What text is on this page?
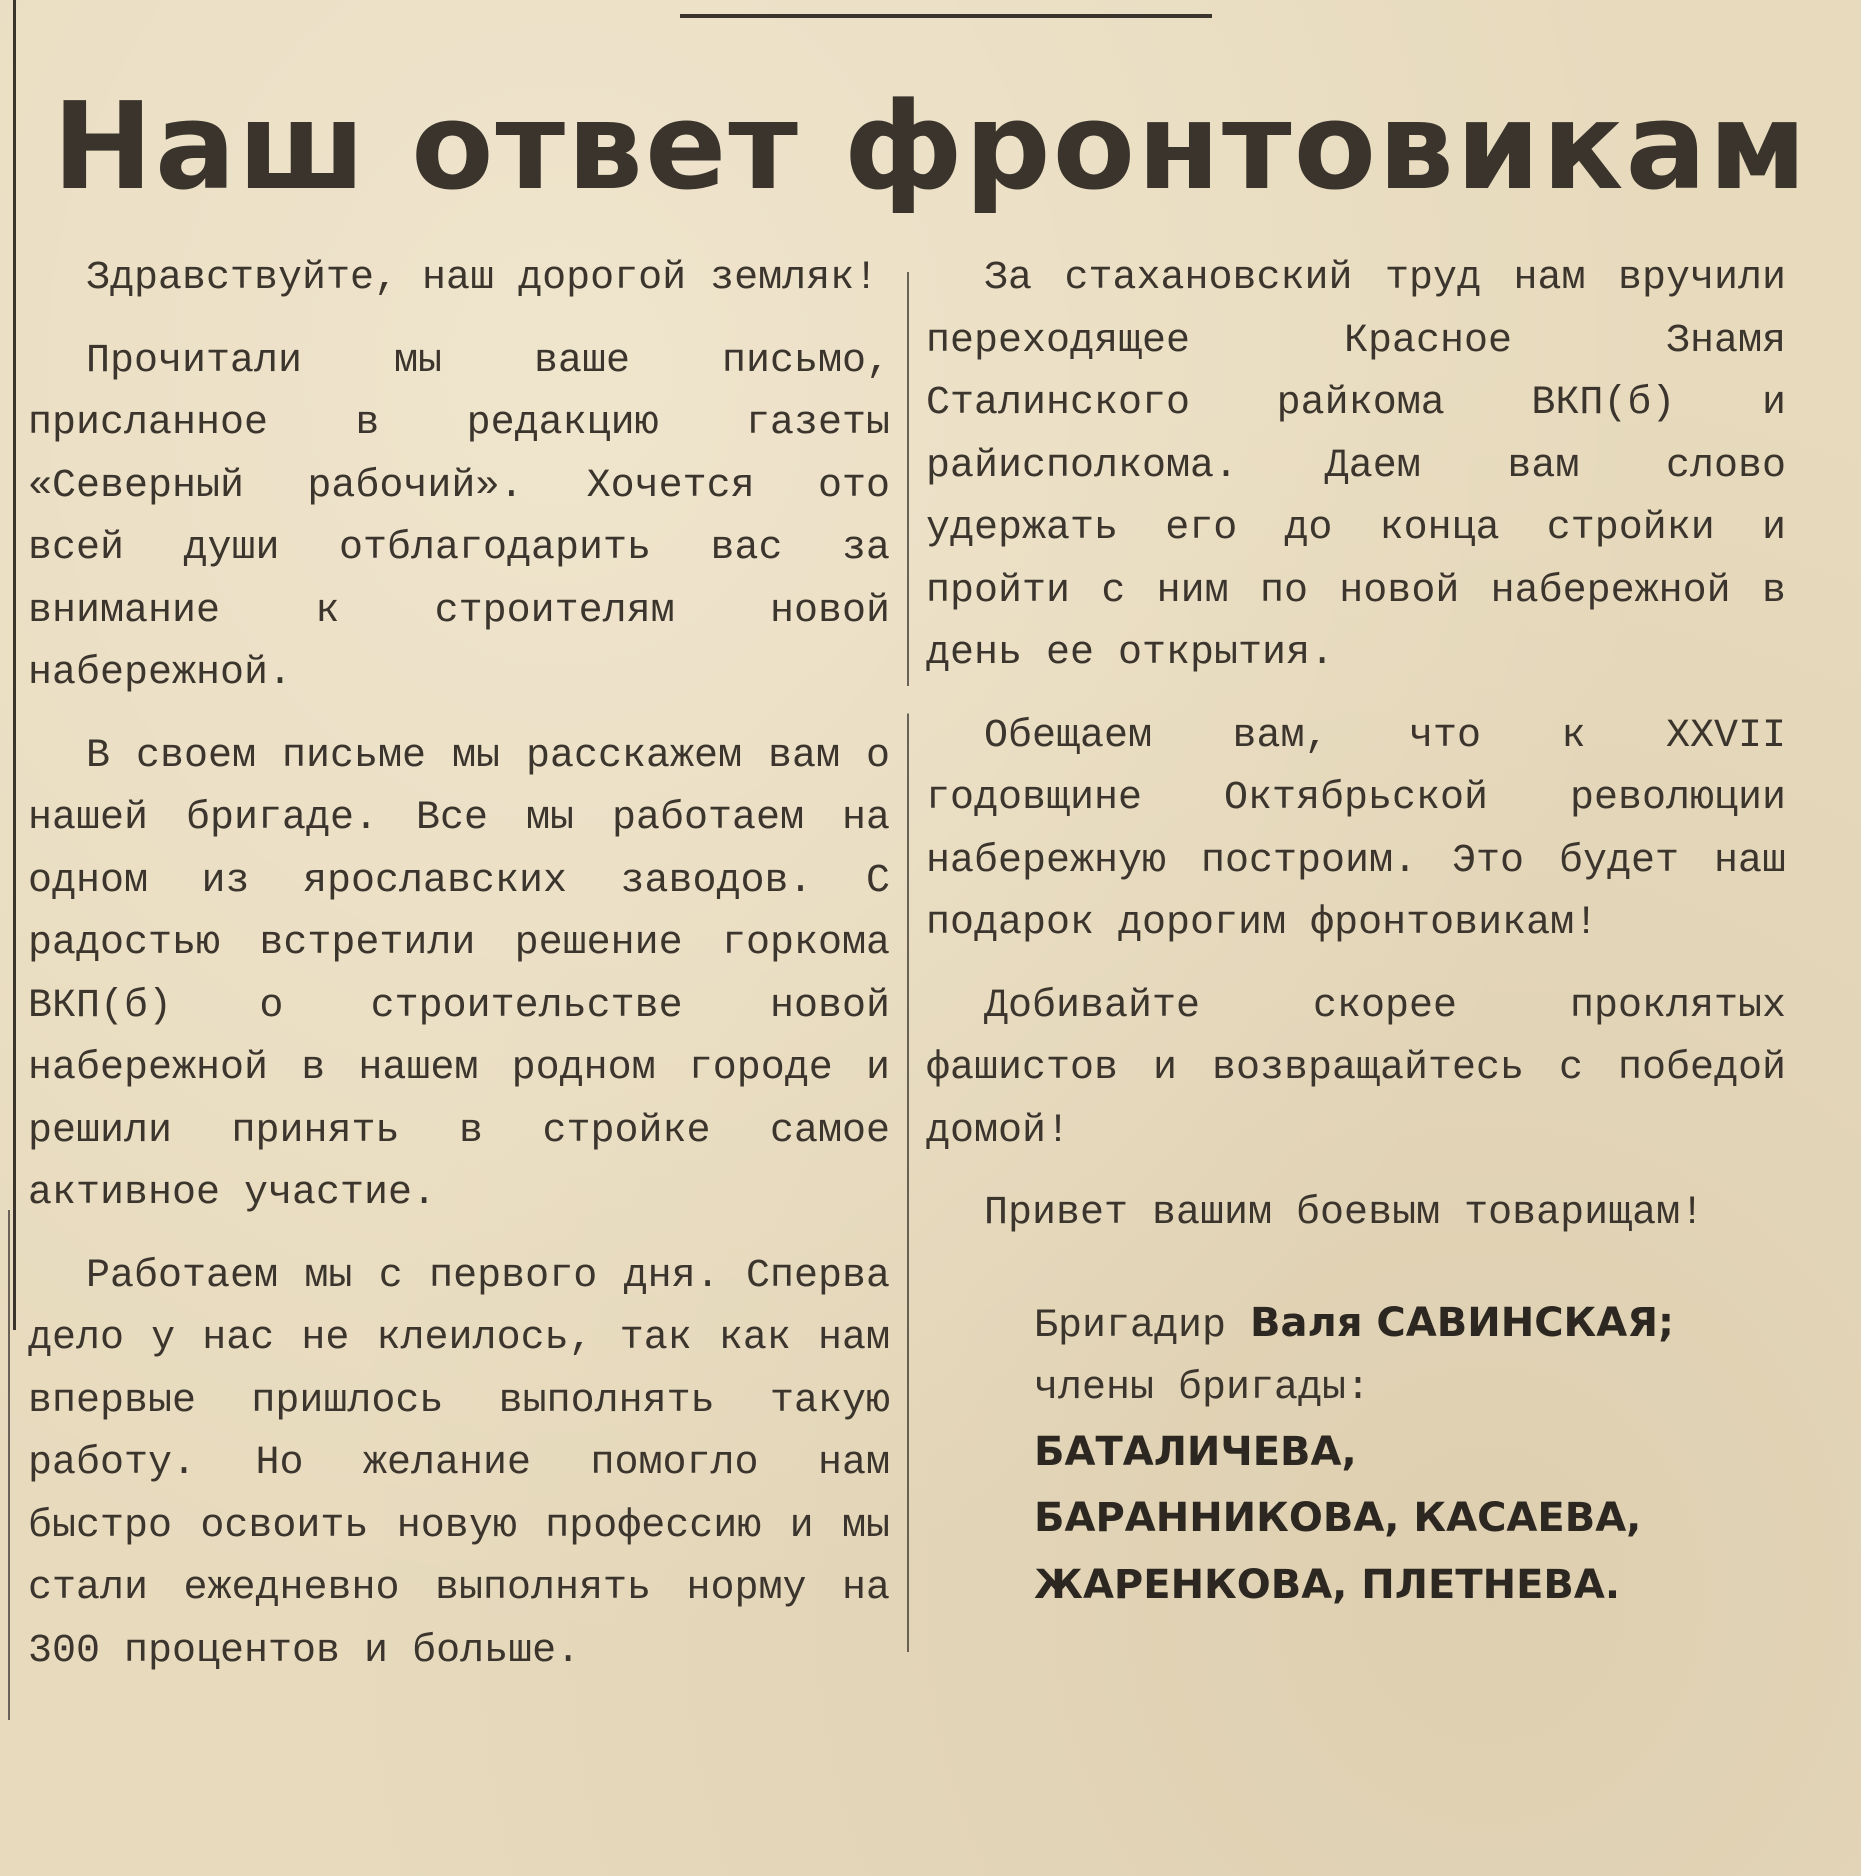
Наш ответ фронтовикам

Здравствуйте, наш дорогой земляк!

Прочитали мы ваше письмо, присланное в редакцию газеты «Северный рабочий». Хочется ото всей души отблагодарить вас за внимание к строителям новой набережной.

В своем письме мы расскажем вам о нашей бригаде. Все мы работаем на одном из ярославских заводов. С радостью встретили решение горкома ВКП(б) о строительстве новой набережной в нашем родном городе и решили принять в стройке самое активное участие.

Работаем мы с первого дня. Сперва дело у нас не клеилось, так как нам впервые пришлось выполнять такую работу. Но желание помогло нам быстро освоить новую профессию и мы стали ежедневно выполнять норму на 300 процентов и больше.

За стахановский труд нам вручили переходящее Красное Знамя Сталинского райкома ВКП(б) и райисполкома. Даем вам слово удержать его до конца стройки и пройти с ним по новой набережной в день ее открытия.

Обещаем вам, что к XXVII годовщине Октябрьской революции набережную построим. Это будет наш подарок дорогим фронтовикам!

Добивайте скорее проклятых фашистов и возвращайтесь с победой домой!

Привет вашим боевым товарищам!

Бригадир Валя САВИНСКАЯ; члены бригады: БАТАЛИЧЕВА, БАРАННИКОВА, КАСАЕВА, ЖАРЕНКОВА, ПЛЕТНЕВА.
